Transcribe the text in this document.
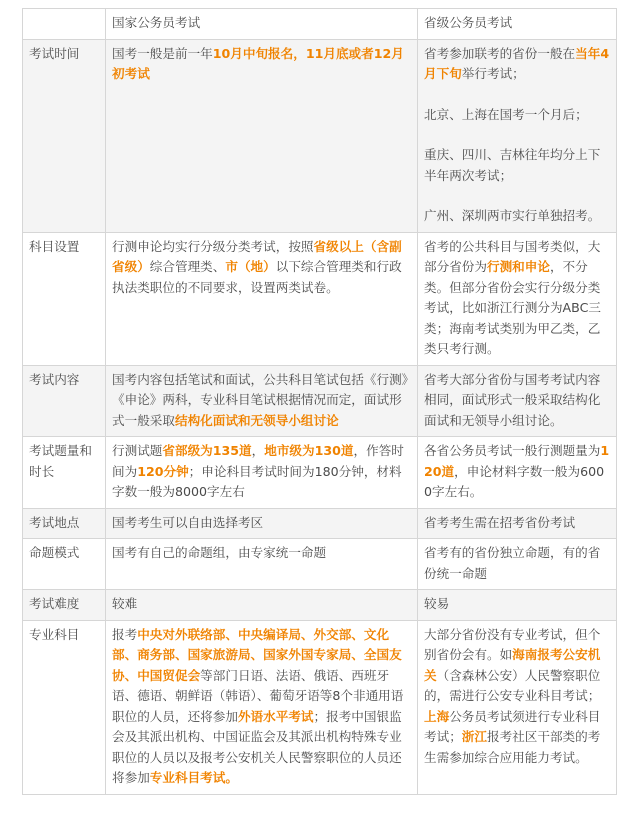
	国家公务员考试	省级公务员考试
考试时间	国考一般是前一年10月中旬报名，11月底或者12月初考试	省考参加联考的省份一般在当年4月下旬举行考试；
北京、上海在国考一个月后；
重庆、四川、吉林往年均分上下半年两次考试；
广州、深圳两市实行单独招考。

科目设置	行测申论均实行分级分类考试，按照省级以上（含副省级）综合管理类、市（地）以下综合管理类和行政执法类职位的不同要求，设置两类试卷。	省考的公共科目与国考类似，大部分省份为行测和申论，不分类。但部分省份会实行分级分类考试，比如浙江行测分为ABC三类；海南考试类别为甲乙类，乙类只考行测。

考试内容	国考内容包括笔试和面试，公共科目笔试包括《行测》《申论》两科，专业科目笔试根据情况而定，面试形式一般采取结构化面试和无领导小组讨论	省考大部分省份与国考考试内容相同，面试形式一般采取结构化面试和无领导小组讨论。

考试题量和时长	行测试题省部级为135道，地市级为130道，作答时间为120分钟；申论科目考试时间为180分钟，材料字数一般为8000字左右	各省公务员考试一般行测题量为120道，申论材料字数一般为6000字左右。

考试地点	国考考生可以自由选择考区	省考考生需在招考省份考试

命题模式	国考有自己的命题组，由专家统一命题	省考有的省份独立命题，有的省份统一命题

考试难度	较难	较易

专业科目	报考中央对外联络部、中央编译局、外交部、文化部、商务部、国家旅游局、国家外国专家局、全国友协、中国贸促会等部门日语、法语、俄语、西班牙语、德语、朝鲜语（韩语）、葡萄牙语等8个非通用语职位的人员，还将参加外语水平考试；报考中国银监会及其派出机构、中国证监会及其派出机构特殊专业职位的人员以及报考公安机关人民警察职位的人员还将参加专业科目考试。	大部分省份没有专业考试，但个别省份会有。如海南报考公安机关（含森林公安）人民警察职位的，需进行公安专业科目考试；上海公务员考试须进行专业科目考试；浙江报考社区干部类的考生需参加综合应用能力考试。
